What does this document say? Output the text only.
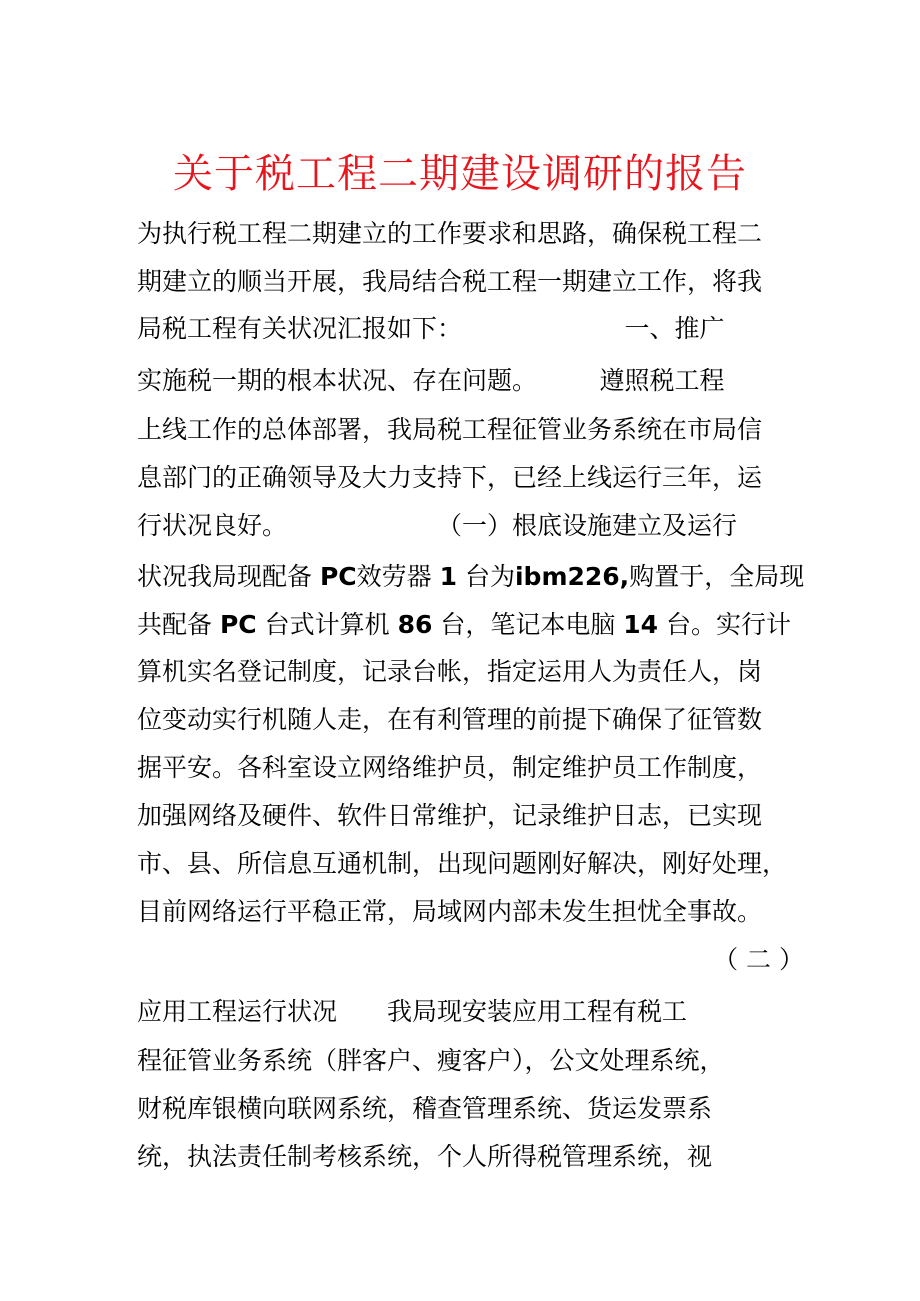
关于税工程二期建设调研的报告
为执行税工程二期建立的工作要求和思路，确保税工程二
期建立的顺当开展，我局结合税工程一期建立工作，将我
局税工程有关状况汇报如下：　　　　　　　一、推广
实施税一期的根本状况、存在问题。　　　遵照税工程
上线工作的总体部署，我局税工程征管业务系统在市局信
息部门的正确领导及大力支持下，已经上线运行三年，运
行状况良好。　　　　　　　（一）根底设施建立及运行
状况我局现配备 PC效劳器 1 台为ibm226,购置于，全局现
共配备 PC 台式计算机 86 台，笔记本电脑 14 台。实行计
算机实名登记制度，记录台帐，指定运用人为责任人，岗
位变动实行机随人走，在有利管理的前提下确保了征管数
据平安。各科室设立网络维护员，制定维护员工作制度，
加强网络及硬件、软件日常维护，记录维护日志，已实现
市、县、所信息互通机制，出现问题刚好解决，刚好处理，
目前网络运行平稳正常，局域网内部未发生担忧全事故。
（ 二 ）
应用工程运行状况　　我局现安装应用工程有税工
程征管业务系统（胖客户、瘦客户），公文处理系统，
财税库银横向联网系统，稽查管理系统、货运发票系
统，执法责任制考核系统，个人所得税管理系统，视
